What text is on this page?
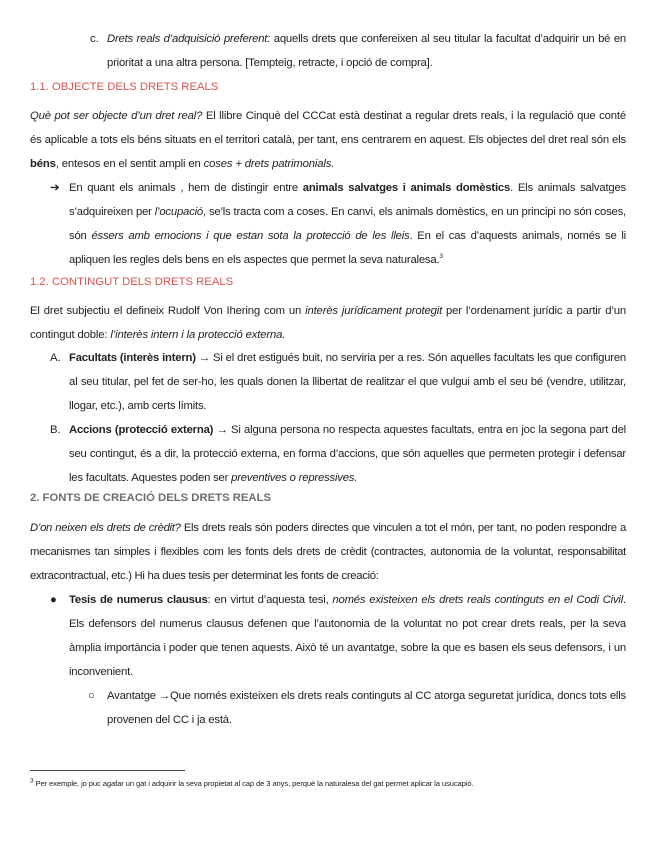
c. Drets reals d’adquisició preferent: aquells drets que confereixen al seu titular la facultat d’adquirir un bé en prioritat a una altra persona. [Tempteig, retracte, i opció de compra].
1.1. OBJECTE DELS DRETS REALS
Què pot ser objecte d’un dret real? El llibre Cinquè del CCCat està destinat a regular drets reals, i la regulació que conté és aplicable a tots els béns situats en el territori català, per tant, ens centrarem en aquest. Els objectes del dret real són els béns, entesos en el sentit ampli en coses + drets patrimonials.
➔ En quant els animals , hem de distingir entre animals salvatges i animals domèstics. Els animals salvatges s’adquireixen per l’ocupació, se’ls tracta com a coses. En canvi, els animals domèstics, en un principi no són coses, són éssers amb emocions i que estan sota la protecció de les lleis. En el cas d’aquests animals, només se li apliquen les regles dels bens en els aspectes que permet la seva naturalesa.$^3$
1.2. CONTINGUT DELS DRETS REALS
El dret subjectiu el defineix Rudolf Von Ihering com un interès jurídicament protegit per l’ordenament jurídic a partir d’un contingut doble: l’interès intern i la protecció externa.
A. Facultats (interès intern) → Si el dret estigués buit, no serviria per a res. Són aquelles facultats les que configuren al seu titular, pel fet de ser-ho, les quals donen la llibertat de realitzar el que vulgui amb el seu bé (vendre, utilitzar, llogar, etc.), amb certs límits.
B. Accions (protecció externa) → Si alguna persona no respecta aquestes facultats, entra en joc la segona part del seu contingut, és a dir, la protecció externa, en forma d’accions, que són aquelles que permeten protegir i defensar les facultats. Aquestes poden ser preventives o repressives.
2. FONTS DE CREACIÓ DELS DRETS REALS
D’on neixen els drets de crèdit? Els drets reals són poders directes que vinculen a tot el món, per tant, no poden respondre a mecanismes tan simples i flexibles com les fonts dels drets de crèdit (contractes, autonomia de la voluntat, responsabilitat extracontractual, etc.) Hi ha dues tesis per determinat les fonts de creació:
● Tesis de numerus clausus: en virtut d’aquesta tesi, només existeixen els drets reals continguts en el Codi Civil. Els defensors del numerus clausus defenen que l’autonomia de la voluntat no pot crear drets reals, per la seva àmplia importància i poder que tenen aquests. Això té un avantatge, sobre la que es basen els seus defensors, i un inconvenient.
○ Avantatge →Que només existeixen els drets reals continguts al CC atorga seguretat jurídica, doncs tots ells provenen del CC i ja està.
$^3$ Per exemple, jo puc agafar un gat i adquirir la seva propietat al cap de 3 anys, perquè la naturalesa del gat permet aplicar la usucapió.
